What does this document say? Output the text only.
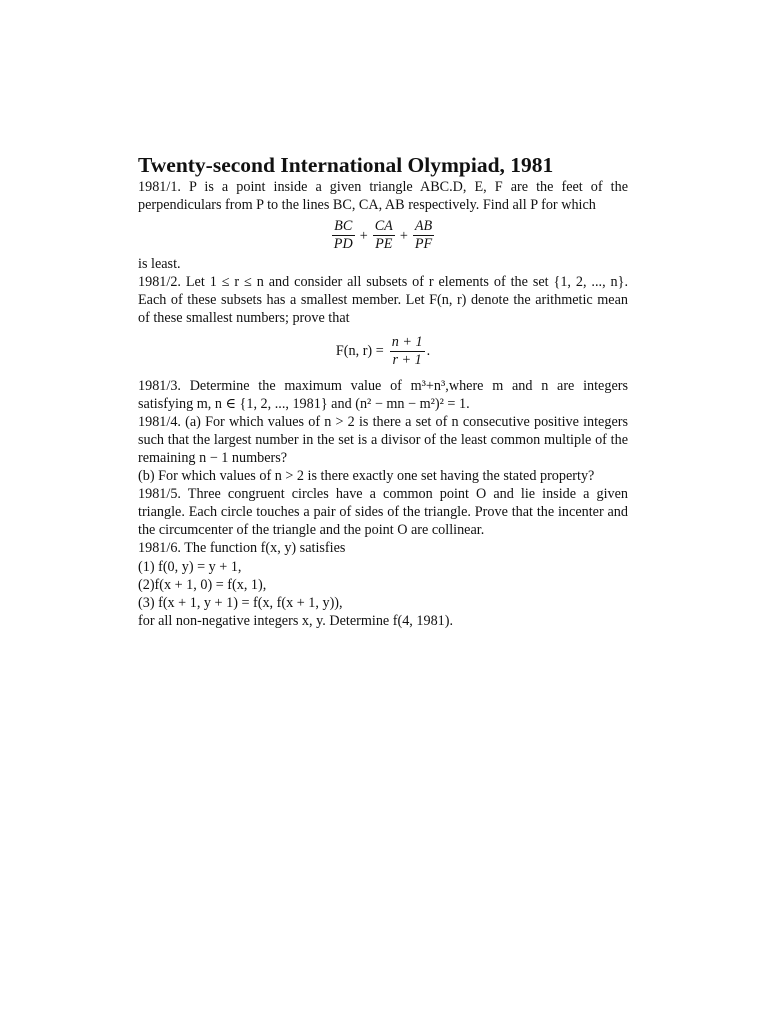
Twenty-second International Olympiad, 1981

1981/1. P is a point inside a given triangle ABC.D, E, F are the feet of the perpendiculars from P to the lines BC, CA, AB respectively. Find all P for which

$\frac{BC}{PD} + \frac{CA}{PE} + \frac{AB}{PF}$

is least.

1981/2. Let 1 ≤ r ≤ n and consider all subsets of r elements of the set {1, 2, ..., n}. Each of these subsets has a smallest member. Let F(n, r) denote the arithmetic mean of these smallest numbers; prove that

F(n, $r) = \frac{n + 1}{r + 1}$ .

1981/3. Determine the maximum value of m³+n³,where m and n are integers satisfying m, n ∈ {1, 2, ..., 1981} and (n² − mn − m²)² = 1.

1981/4. (a) For which values of n > 2 is there a set of n consecutive positive integers such that the largest number in the set is a divisor of the least common multiple of the remaining n − 1 numbers?

(b) For which values of n > 2 is there exactly one set having the stated property?

1981/5. Three congruent circles have a common point O and lie inside a given triangle. Each circle touches a pair of sides of the triangle. Prove that the incenter and the circumcenter of the triangle and the point O are collinear.

1981/6. The function f(x, y) satisfies

(1) f(0, y) = y + 1,

(2)f(x + 1, 0) = f(x, 1),

(3) f(x + 1, y + 1) = f(x, f(x + 1, y)),

for all non-negative integers x, y. Determine f(4, 1981).
